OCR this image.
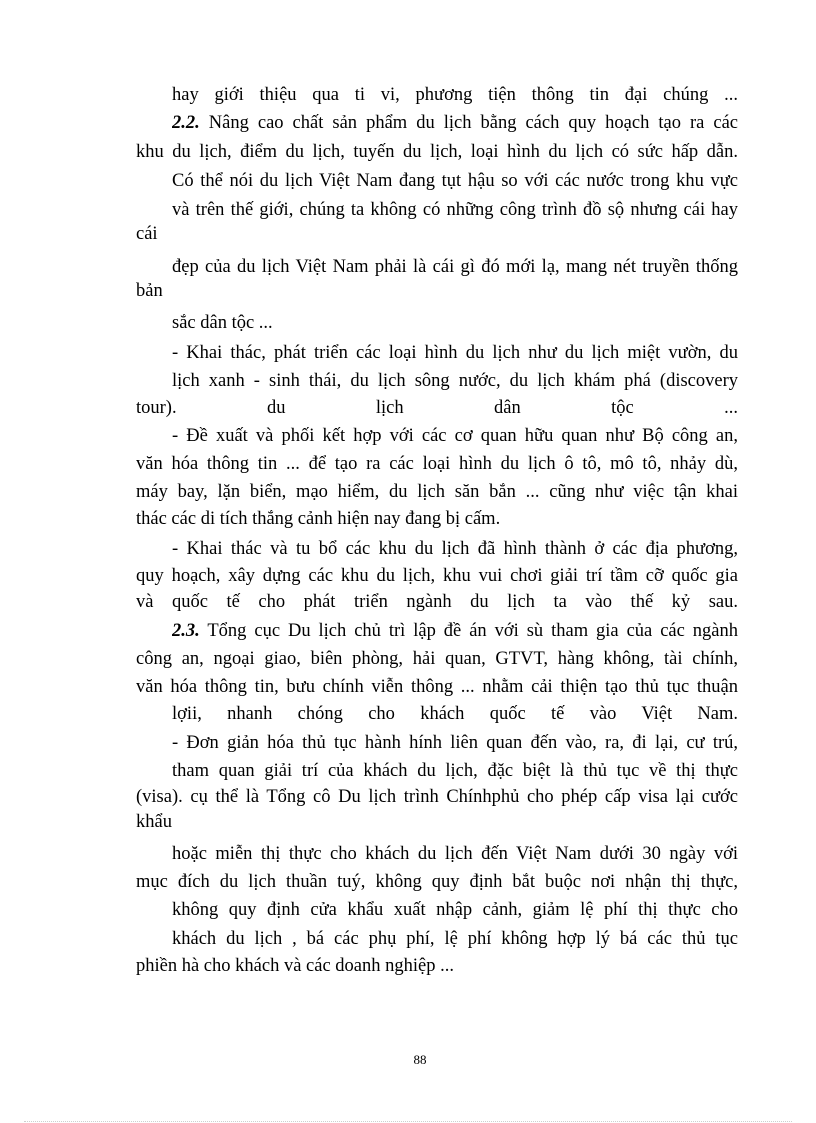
hay giới thiệu qua ti vi, phương tiện thông tin đại chúng ...
2.2. Nâng cao chất sản phẩm du lịch bằng cách quy hoạch tạo ra các
khu du lịch, điểm du lịch, tuyến du lịch, loại hình du lịch có sức hấp dẫn.
Có thể nói du lịch Việt Nam đang tụt hậu so với các nước trong khu vực
và trên thế giới, chúng ta không có những công trình đồ sộ nhưng cái hay
cái
đẹp của du lịch Việt Nam phải là cái gì đó mới lạ, mang nét truyền thống
bản
sắc dân tộc ...
- Khai thác, phát triển các loại hình du lịch như du lịch miệt vườn, du
lịch xanh - sinh thái, du lịch sông nước, du lịch khám phá (discovery
tour). du lịch dân tộc ...
- Đề xuất và phối kết hợp với các cơ quan hữu quan như Bộ công an,
văn hóa thông tin ... để tạo ra các loại hình du lịch ô tô, mô tô, nhảy dù,
máy bay, lặn biển, mạo hiểm, du lịch săn bắn ... cũng như việc tận khai
thác các di tích thắng cảnh hiện nay đang bị cấm.
- Khai thác và tu bổ các khu du lịch đã hình thành ở các địa phương,
quy hoạch, xây dựng các khu du lịch, khu vui chơi giải trí tầm cỡ quốc gia
và quốc tế cho phát triển ngành du lịch ta vào thế kỷ sau.
2.3. Tổng cục Du lịch chủ trì lập đề án với sù tham gia của các ngành
công an, ngoại giao, biên phòng, hải quan, GTVT, hàng không, tài chính,
văn hóa thông tin, bưu chính viễn thông ... nhằm cải thiện tạo thủ tục thuận
lợii, nhanh chóng cho khách quốc tế vào Việt Nam.
- Đơn giản hóa thủ tục hành hính liên quan đến vào, ra, đi lại, cư trú,
tham quan giải trí của khách du lịch, đặc biệt là thủ tục về thị thực
(visa). cụ thể là Tổng cô Du lịch trình Chínhphủ cho phép cấp visa lại cước
khẩu
hoặc miễn thị thực cho khách du lịch đến Việt Nam dưới 30 ngày với
mục đích du lịch thuần tuý, không quy định bắt buộc nơi nhận thị thực,
không quy định cửa khẩu xuất nhập cảnh, giảm lệ phí thị thực cho
khách du lịch , bá các phụ phí, lệ phí không hợp lý bá các thủ tục
phiền hà cho khách và các doanh nghiệp ...
88
